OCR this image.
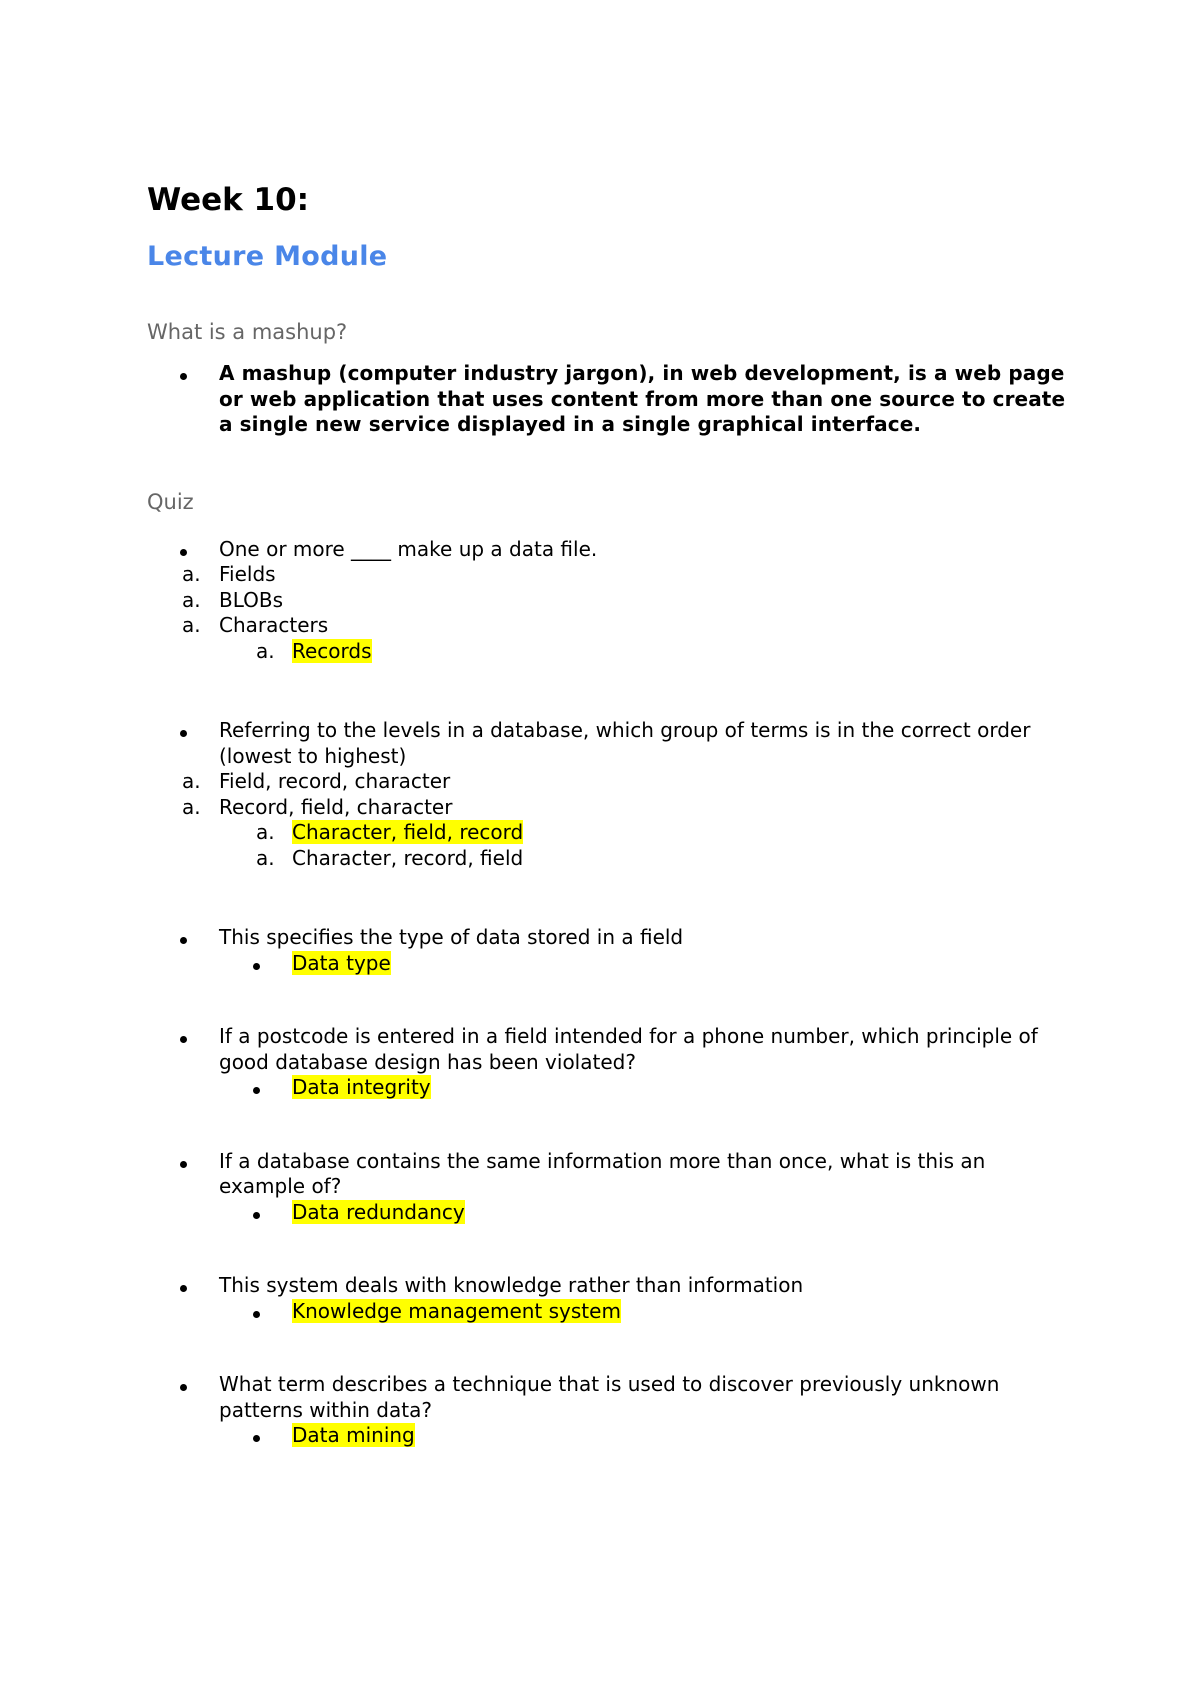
Week 10:
Lecture Module

What is a mashup?

A mashup (computer industry jargon), in web development, is a web page or web application that uses content from more than one source to create a single new service displayed in a single graphical interface.

Quiz

One or more ____ make up a data file.
a. Fields
a. BLOBs
a. Characters
a. Records
Referring to the levels in a database, which group of terms is in the correct order (lowest to highest)
a. Field, record, character
a. Record, field, character
a. Character, field, record
a. Character, record, field
This specifies the type of data stored in a field
Data type
If a postcode is entered in a field intended for a phone number, which principle of good database design has been violated?
Data integrity
If a database contains the same information more than once, what is this an example of?
Data redundancy
This system deals with knowledge rather than information
Knowledge management system
What term describes a technique that is used to discover previously unknown patterns within data?
Data mining
